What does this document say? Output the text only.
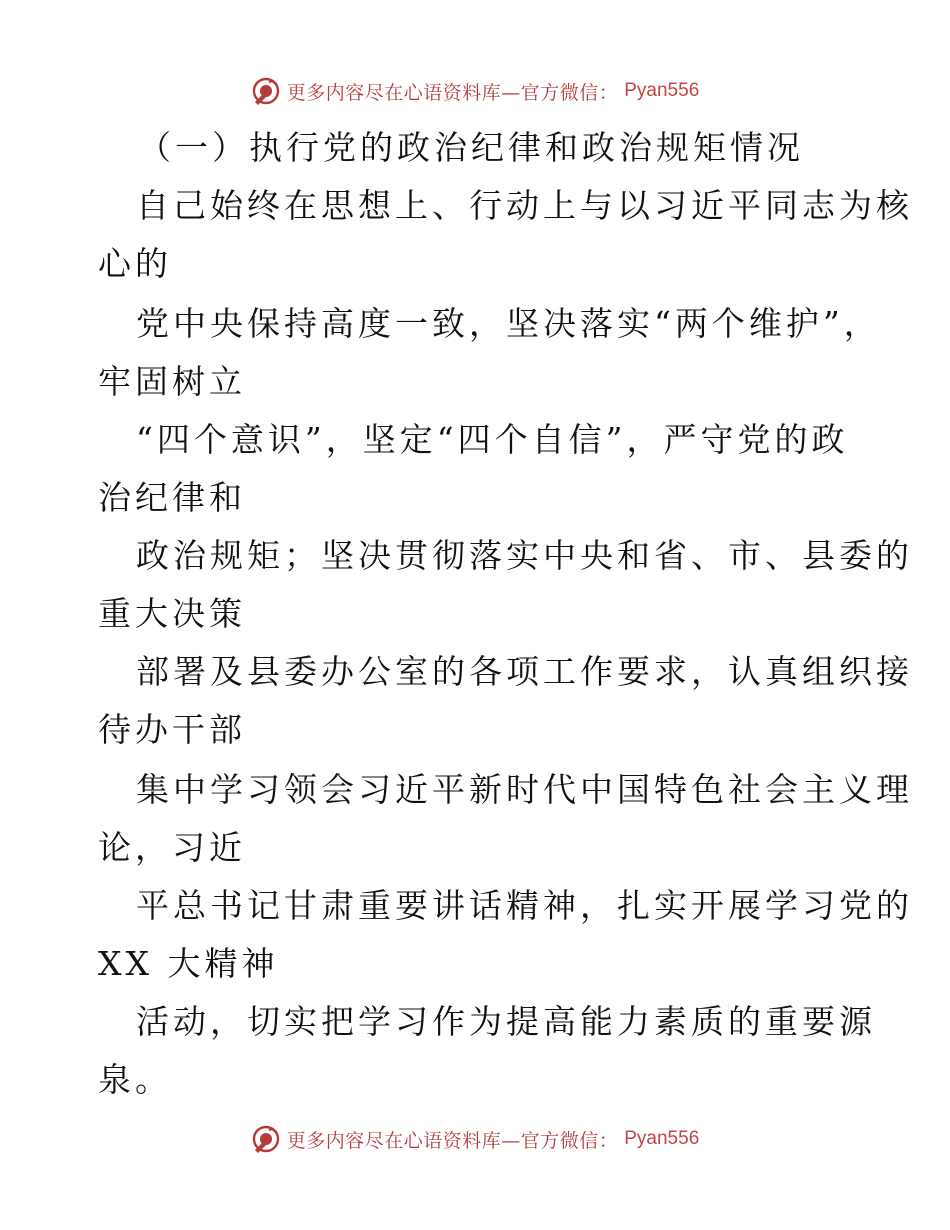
更多内容尽在心语资料库—官方微信： Pyan556
（一）执行党的政治纪律和政治规矩情况
自己始终在思想上、行动上与以习近平同志为核
心的
党中央保持高度一致，坚决落实“两个维护”，
牢固树立
“四个意识”，坚定“四个自信”，严守党的政
治纪律和
政治规矩；坚决贯彻落实中央和省、市、县委的
重大决策
部署及县委办公室的各项工作要求，认真组织接
待办干部
集中学习领会习近平新时代中国特色社会主义理
论，习近
平总书记甘肃重要讲话精神，扎实开展学习党的
XX 大精神
活动，切实把学习作为提高能力素质的重要源
泉。
更多内容尽在心语资料库—官方微信： Pyan556
